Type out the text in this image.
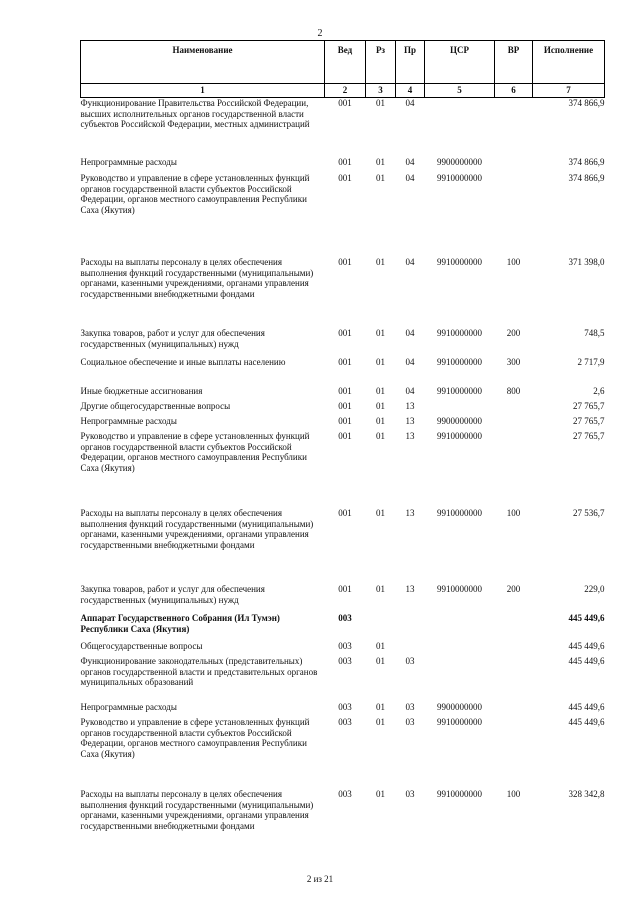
2
Наименование	Вед	Рз	Пр	ЦСР	ВР	Исполнение
1	2	3	4	5	6	7
Функционирование Правительства Российской Федерации, высших исполнительных органов государственной власти субъектов Российской Федерации, местных администраций	001	01	04			374 866,9
Непрограммные расходы	001	01	04	9900000000		374 866,9
Руководство и управление в сфере установленных функций органов государственной власти субъектов Российской Федерации, органов местного самоуправления Республики Саха (Якутия)	001	01	04	9910000000		374 866,9
Расходы на выплаты персоналу в целях обеспечения выполнения функций государственными (муниципальными) органами, казенными учреждениями, органами управления государственными внебюджетными фондами	001	01	04	9910000000	100	371 398,0
Закупка товаров, работ и услуг для обеспечения государственных (муниципальных) нужд	001	01	04	9910000000	200	748,5
Социальное обеспечение и иные выплаты населению	001	01	04	9910000000	300	2 717,9
Иные бюджетные ассигнования	001	01	04	9910000000	800	2,6
Другие общегосударственные вопросы	001	01	13			27 765,7
Непрограммные расходы	001	01	13	9900000000		27 765,7
Руководство и управление в сфере установленных функций органов государственной власти субъектов Российской Федерации, органов местного самоуправления Республики Саха (Якутия)	001	01	13	9910000000		27 765,7
Расходы на выплаты персоналу в целях обеспечения выполнения функций государственными (муниципальными) органами, казенными учреждениями, органами управления государственными внебюджетными фондами	001	01	13	9910000000	100	27 536,7
Закупка товаров, работ и услуг для обеспечения государственных (муниципальных) нужд	001	01	13	9910000000	200	229,0
Аппарат Государственного Собрания (Ил Тумэн) Республики Саха (Якутия)	003					445 449,6
Общегосударственные вопросы	003	01				445 449,6
Функционирование законодательных (представительных) органов государственной власти и представительных органов муниципальных образований	003	01	03			445 449,6
Непрограммные расходы	003	01	03	9900000000		445 449,6
Руководство и управление в сфере установленных функций органов государственной власти субъектов Российской Федерации, органов местного самоуправления Республики Саха (Якутия)	003	01	03	9910000000		445 449,6
Расходы на выплаты персоналу в целях обеспечения выполнения функций государственными (муниципальными) органами, казенными учреждениями, органами управления государственными внебюджетными фондами	003	01	03	9910000000	100	328 342,8
2 из 21
